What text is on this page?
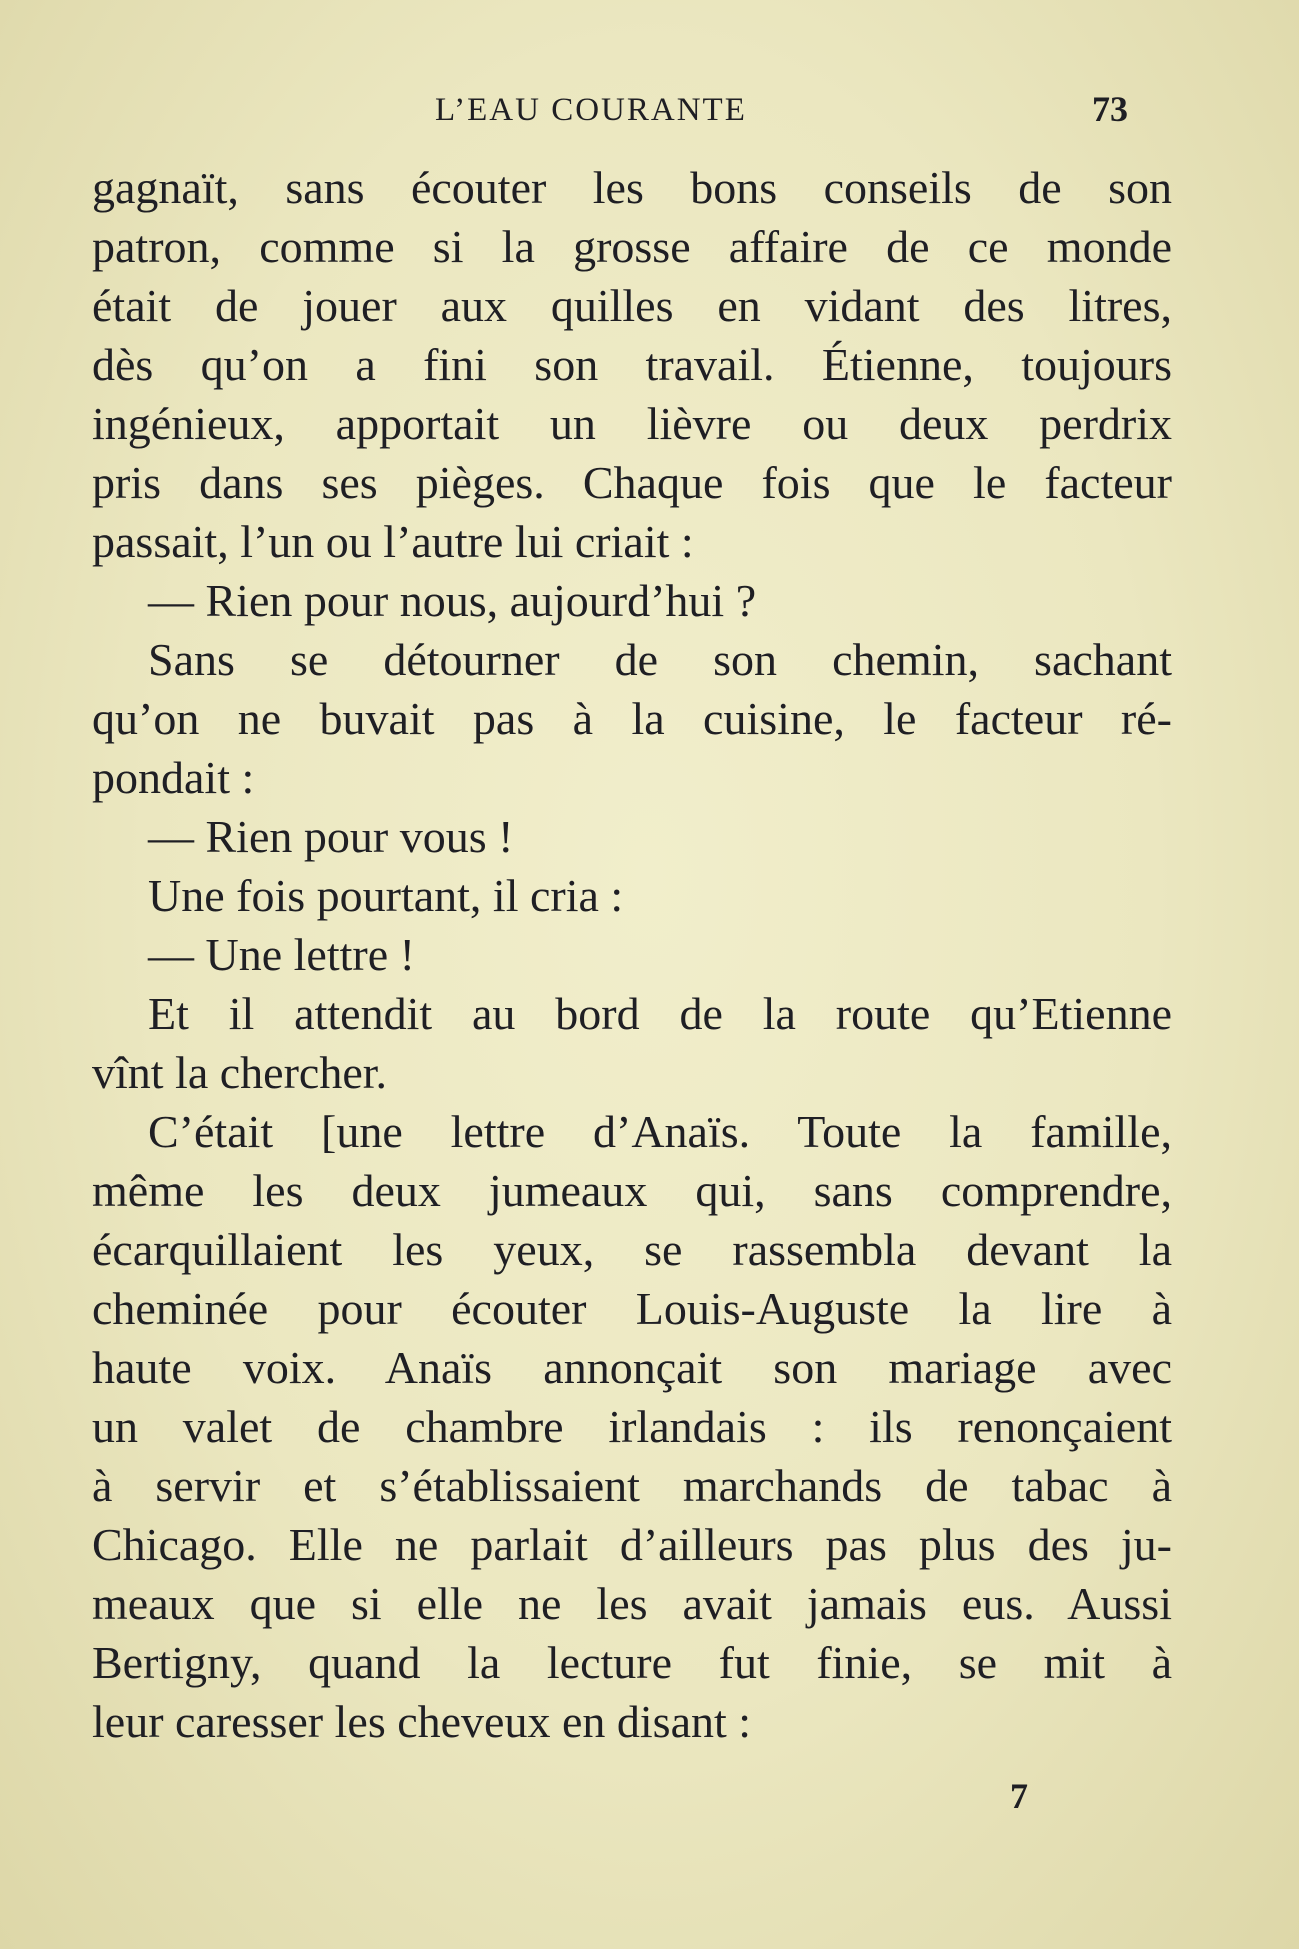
L’EAU COURANTE	73
gagnaït, sans écouter les bons conseils de son
patron, comme si la grosse affaire de ce monde
était de jouer aux quilles en vidant des litres,
dès qu’on a fini son travail. Étienne, toujours
ingénieux, apportait un lièvre ou deux perdrix
pris dans ses pièges. Chaque fois que le facteur
passait, l’un ou l’autre lui criait :
— Rien pour nous, aujourd’hui ?
Sans se détourner de son chemin, sachant
qu’on ne buvait pas à la cuisine, le facteur ré-
pondait :
— Rien pour vous !
Une fois pourtant, il cria :
— Une lettre !
Et il attendit au bord de la route qu’Etienne
vînt la chercher.
C’était [une lettre d’Anaïs. Toute la famille,
même les deux jumeaux qui, sans comprendre,
écarquillaient les yeux, se rassembla devant la
cheminée pour écouter Louis-Auguste la lire à
haute voix. Anaïs annonçait son mariage avec
un valet de chambre irlandais : ils renonçaient
à servir et s’établissaient marchands de tabac à
Chicago. Elle ne parlait d’ailleurs pas plus des ju-
meaux que si elle ne les avait jamais eus. Aussi
Bertigny, quand la lecture fut finie, se mit à
leur caresser les cheveux en disant :
7
